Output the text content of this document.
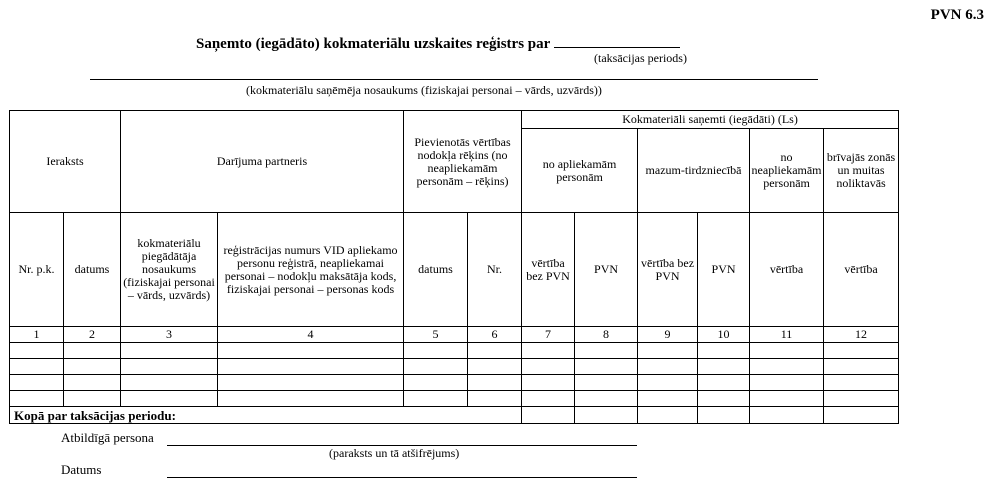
PVN 6.3
Saņemto (iegādāto) kokmateriālu uzskaites reģistrs par
(taksācijas periods)
(kokmateriālu saņēmēja nosaukums (fiziskajai personai – vārds, uzvārds))
Ieraksts		Darījuma partneris		Pievienotās vērtības nodokļa rēķins (no neapliekamām personām – rēķins)		Kokmateriāli saņemti (iegādāti) (Ls)					
						no apliekamām personām		mazum-tirdzniecībā		no neapliekamām personām	brīvajās zonās un muitas noliktavās
Nr. p.k.	datums	kokmateriālu piegādātāja nosaukums (fiziskajai personai – vārds, uzvārds)	reģistrācijas numurs VID apliekamo personu reģistrā, neapliekamai personai – nodokļu maksātāja kods, fiziskajai personai – personas kods	datums	Nr.	vērtība bez PVN	PVN	vērtība bez PVN	PVN	vērtība	vērtība
1	2	3	4	5	6	7	8	9	10	11	12

Kopā par taksācijas periodu:											
Atbildīgā persona
(paraksts un tā atšifrējums)
Datums
